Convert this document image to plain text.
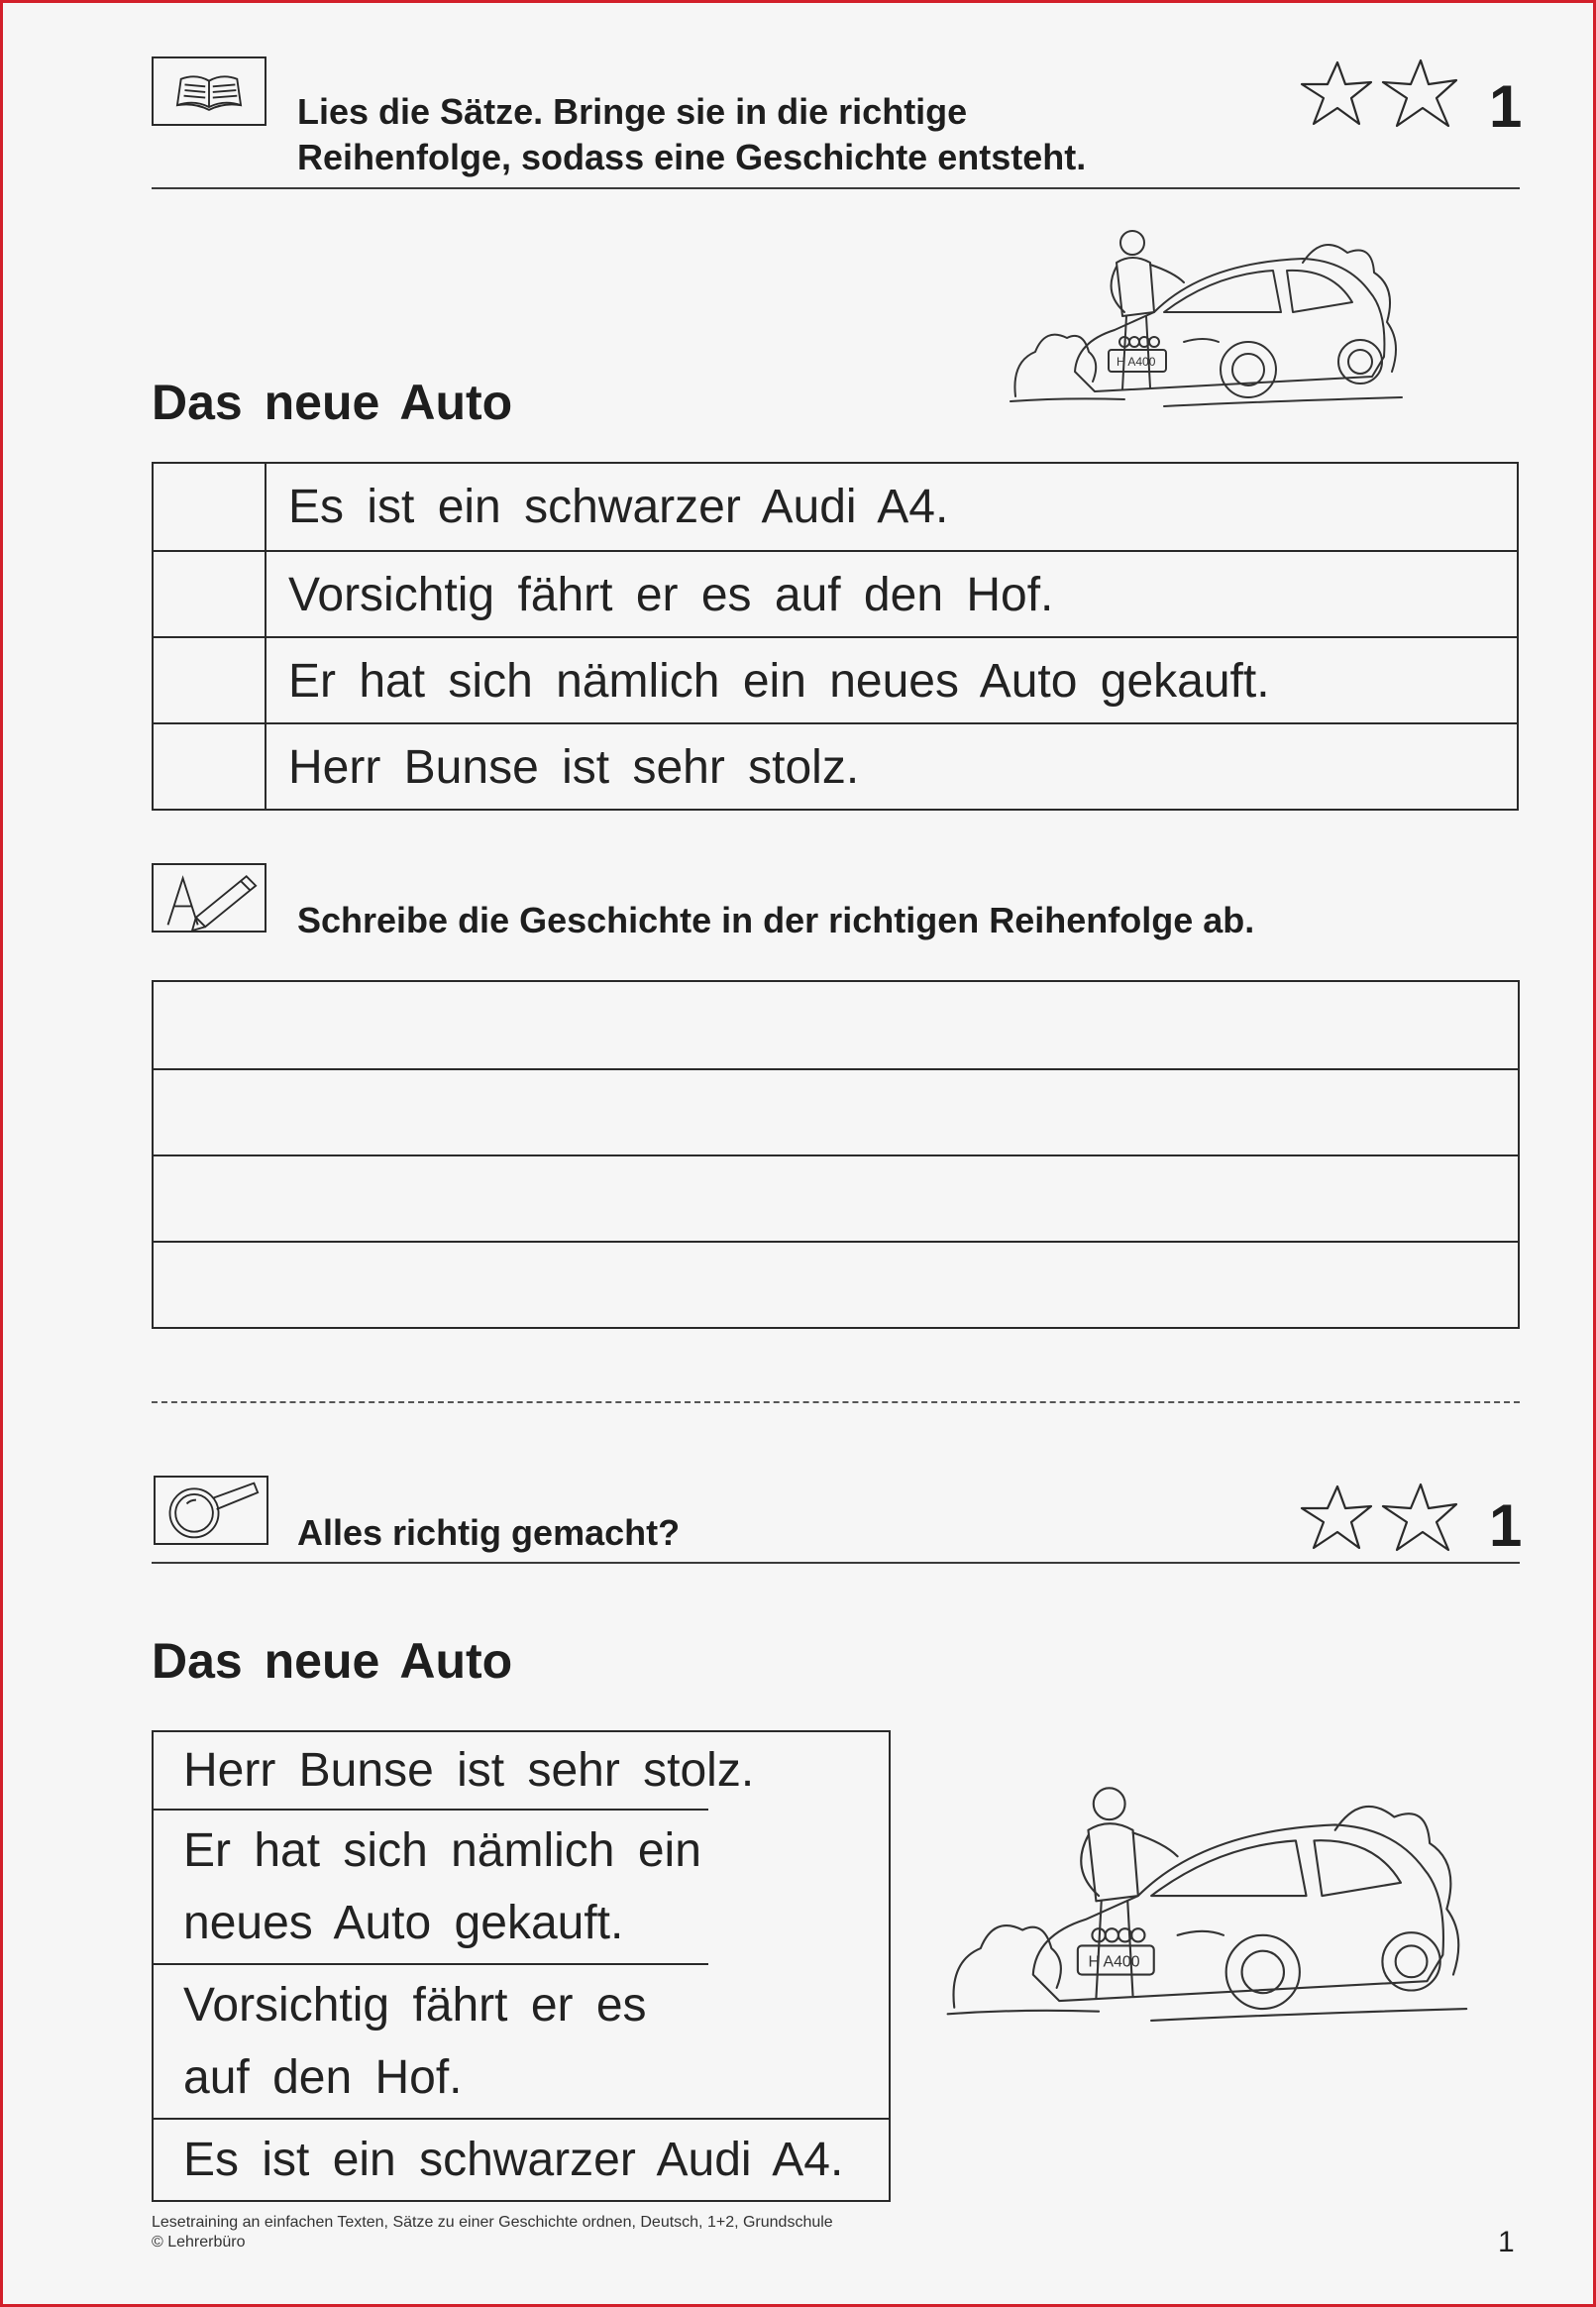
Lies die Sätze. Bringe sie in die richtige
Reihenfolge, sodass eine Geschichte entsteht.
1
H A400
Das neue Auto
Es ist ein schwarzer Audi A4.
Vorsichtig fährt er es auf den Hof.
Er hat sich nämlich ein neues Auto gekauft.
Herr Bunse ist sehr stolz.
Schreibe die Geschichte in der richtigen Reihenfolge ab.
Alles richtig gemacht?	1
Das neue Auto
Herr Bunse ist sehr stolz.
Er hat sich nämlich ein neues Auto gekauft.
Vorsichtig fährt er es auf den Hof.
Es ist ein schwarzer Audi A4.
H A400
Lesetraining an einfachen Texten, Sätze zu einer Geschichte ordnen, Deutsch, 1+2, Grundschule
© Lehrerbüro	1
